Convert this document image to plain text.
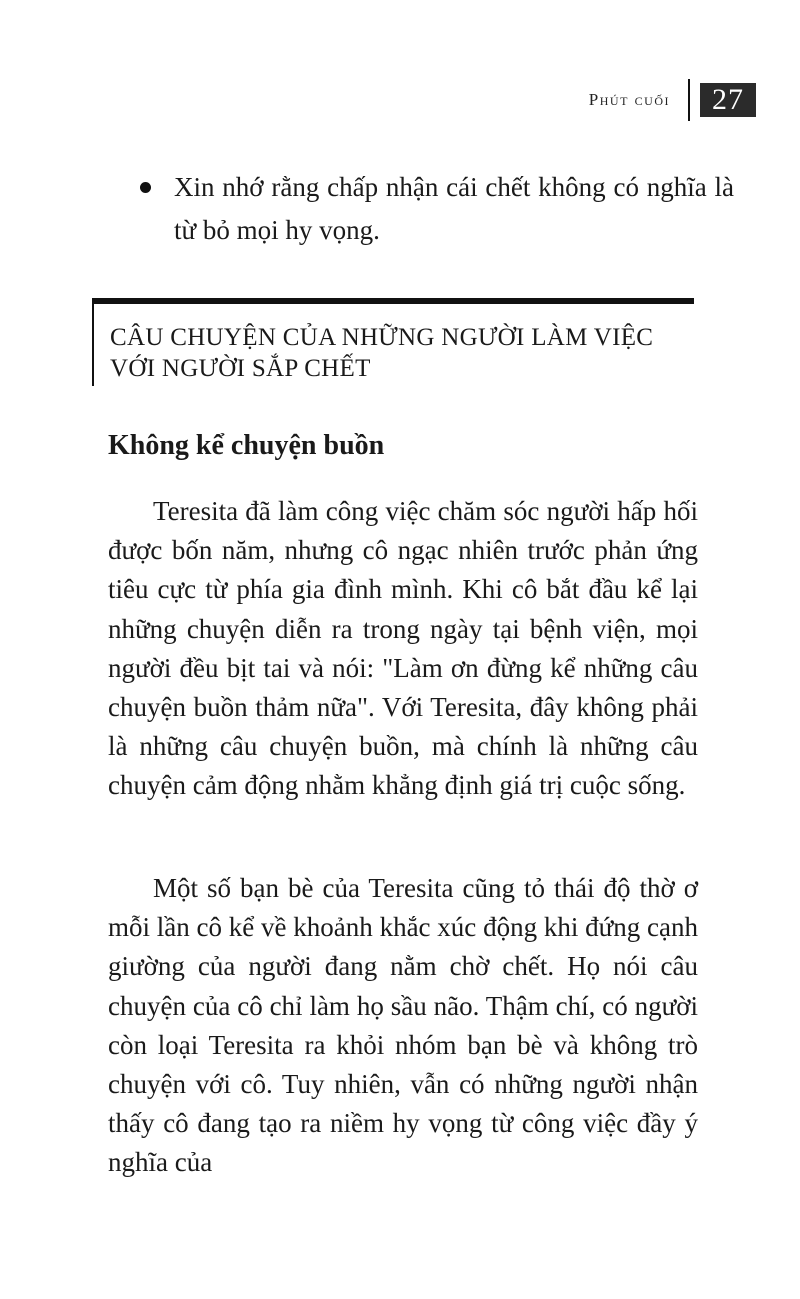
Phút cuối	27
Xin nhớ rằng chấp nhận cái chết không có nghĩa là từ bỏ mọi hy vọng.
CÂU CHUYỆN CỦA NHỮNG NGƯỜI LÀM VIỆC
VỚI NGƯỜI SẮP CHẾT
Không kể chuyện buồn

Teresita đã làm công việc chăm sóc người hấp hối được bốn năm, nhưng cô ngạc nhiên trước phản ứng tiêu cực từ phía gia đình mình. Khi cô bắt đầu kể lại những chuyện diễn ra trong ngày tại bệnh viện, mọi người đều bịt tai và nói: "Làm ơn đừng kể những câu chuyện buồn thảm nữa". Với Teresita, đây không phải là những câu chuyện buồn, mà chính là những câu chuyện cảm động nhằm khẳng định giá trị cuộc sống.

Một số bạn bè của Teresita cũng tỏ thái độ thờ ơ mỗi lần cô kể về khoảnh khắc xúc động khi đứng cạnh giường của người đang nằm chờ chết. Họ nói câu chuyện của cô chỉ làm họ sầu não. Thậm chí, có người còn loại Teresita ra khỏi nhóm bạn bè và không trò chuyện với cô. Tuy nhiên, vẫn có những người nhận thấy cô đang tạo ra niềm hy vọng từ công việc đầy ý nghĩa của
